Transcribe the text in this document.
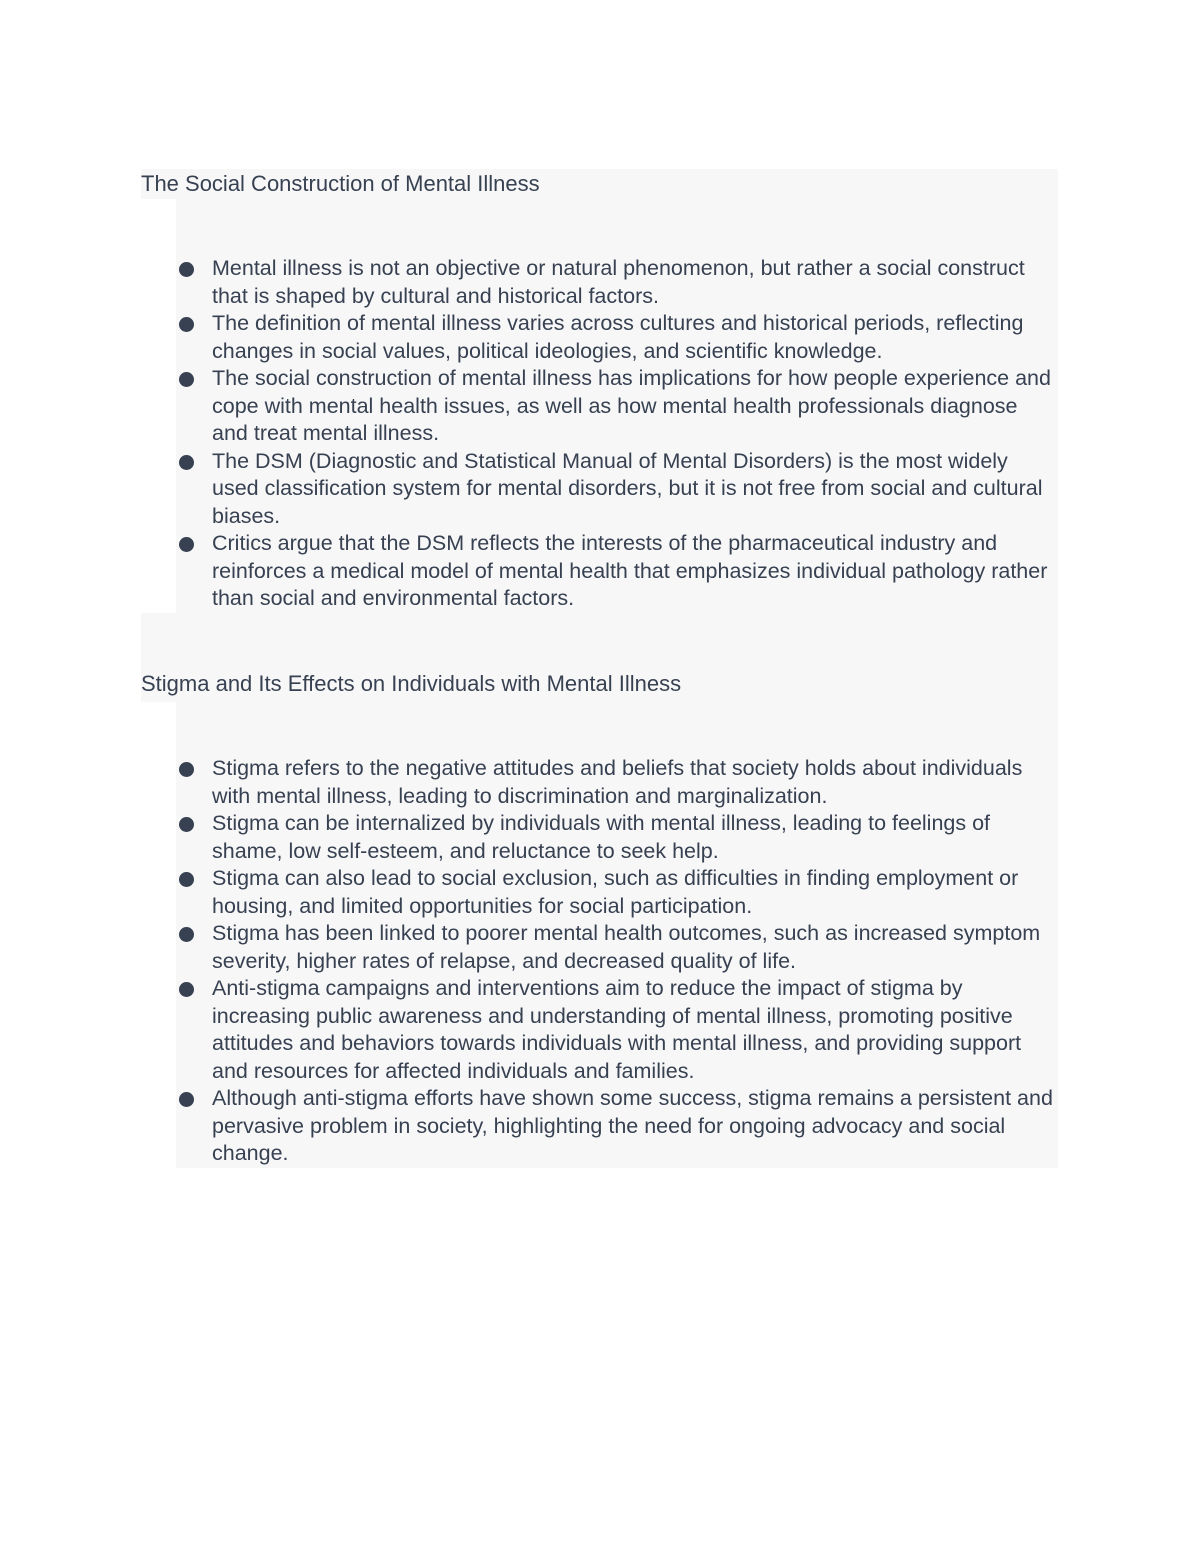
The Social Construction of Mental Illness
Mental illness is not an objective or natural phenomenon, but rather a social construct that is shaped by cultural and historical factors.
The definition of mental illness varies across cultures and historical periods, reflecting changes in social values, political ideologies, and scientific knowledge.
The social construction of mental illness has implications for how people experience and cope with mental health issues, as well as how mental health professionals diagnose and treat mental illness.
The DSM (Diagnostic and Statistical Manual of Mental Disorders) is the most widely used classification system for mental disorders, but it is not free from social and cultural biases.
Critics argue that the DSM reflects the interests of the pharmaceutical industry and reinforces a medical model of mental health that emphasizes individual pathology rather than social and environmental factors.
Stigma and Its Effects on Individuals with Mental Illness
Stigma refers to the negative attitudes and beliefs that society holds about individuals with mental illness, leading to discrimination and marginalization.
Stigma can be internalized by individuals with mental illness, leading to feelings of shame, low self-esteem, and reluctance to seek help.
Stigma can also lead to social exclusion, such as difficulties in finding employment or housing, and limited opportunities for social participation.
Stigma has been linked to poorer mental health outcomes, such as increased symptom severity, higher rates of relapse, and decreased quality of life.
Anti-stigma campaigns and interventions aim to reduce the impact of stigma by increasing public awareness and understanding of mental illness, promoting positive attitudes and behaviors towards individuals with mental illness, and providing support and resources for affected individuals and families.
Although anti-stigma efforts have shown some success, stigma remains a persistent and pervasive problem in society, highlighting the need for ongoing advocacy and social change.
